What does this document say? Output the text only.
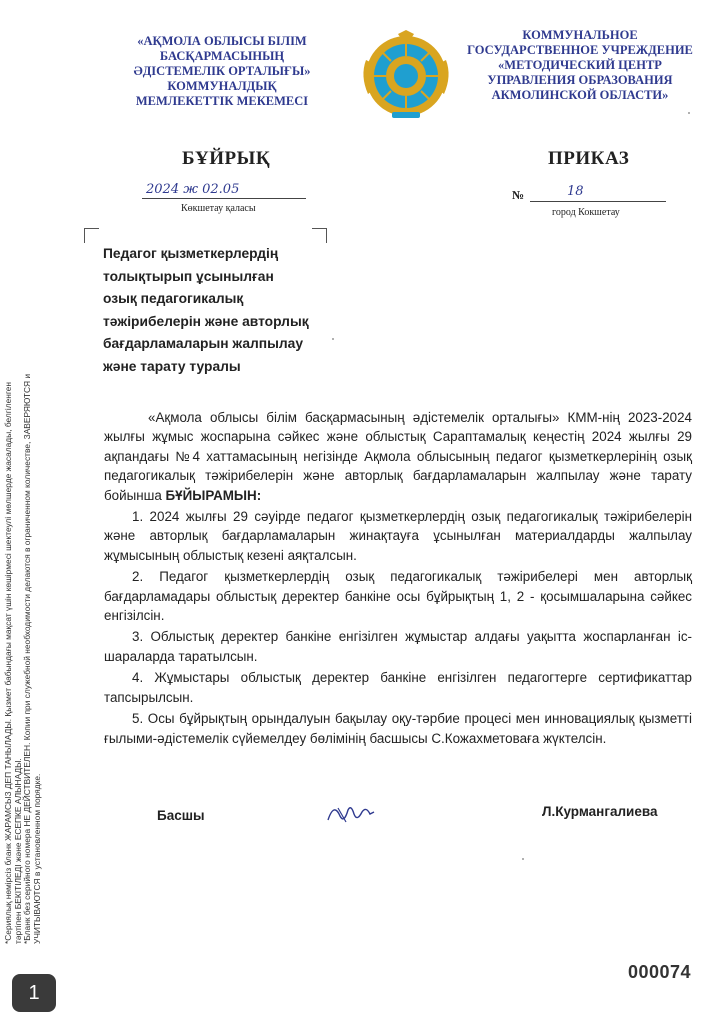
«АҚМОЛА ОБЛЫСЫ БІЛІМ
БАСҚАРМАСЫНЫҢ
ӘДІСТЕМЕЛІК ОРТАЛЫҒЫ»
КОММУНАЛДЫҚ
МЕМЛЕКЕТТІК МЕКЕМЕСІ
КОММУНАЛЬНОЕ
ГОСУДАРСТВЕННОЕ УЧРЕЖДЕНИЕ
«МЕТОДИЧЕСКИЙ ЦЕНТР
УПРАВЛЕНИЯ ОБРАЗОВАНИЯ
АКМОЛИНСКОЙ ОБЛАСТИ»
БҰЙРЫҚ	ПРИКАЗ
2024 ж 02.05
Көкшетау қаласы
№	18
город Кокшетау
Педагог қызметкерлердің
толықтырып ұсынылған
озық педагогикалық
тәжірибелерін және авторлық
бағдарламаларын жалпылау
және тарату туралы

«Ақмола облысы білім басқармасының әдістемелік орталығы» КММ-нің 2023-2024 жылғы жұмыс жоспарына сәйкес және облыстық Сараптамалық кеңестің 2024 жылғы 29 ақпандағы №4 хаттамасының негізінде Ақмола облысының педагог қызметкерлерінің озық педагогикалық тәжірибелерін және авторлық бағдарламаларын жалпылау және тарату бойынша БҰЙЫРАМЫН:

1. 2024 жылғы 29 сәуірде педагог қызметкерлердің озық педагогикалық тәжірибелерін және авторлық бағдарламаларын жинақтауға ұсынылған материалдарды жалпылау жұмысының облыстық кезені аяқталсын.

2. Педагог қызметкерлердің озық педагогикалық тәжірибелері мен авторлық бағдарламадары облыстық деректер банкіне осы бұйрықтың 1, 2 - қосымшаларына сәйкес енгізілсін.

3. Облыстық деректер банкіне енгізілген жұмыстар алдағы уақытта жоспарланған іс-шараларда таратылсын.

4. Жұмыстары облыстық деректер банкіне енгізілген педагогтерге сертификаттар тапсырылсын.

5. Осы бұйрықтың орындалуын бақылау оқу-тәрбие процесі мен инновациялық қызметті ғылыми-әдістемелік сүйемелдеу бөлімінің басшысы С.Кожахметоваға жүктелсін.

*Сериялық нөмірсіз бланк ЖАРАМСЫЗ ДЕП ТАНЫЛАДЫ. Қызмет бабындағы мақсат үшін көшірмесі шектеулі мөлшерде жасалады, белгіленген тәртіпен БЕКІТІЛЕДІ және ЕСЕПКЕ АЛЫНАДЫ. *Бланк без серийного номера НЕ ДЕЙСТВИТЕЛЕН. Копии при служебной необходимости делаются в ограниченном количестве, ЗАВЕРЯЮТСЯ и УЧИТЫВАЮТСЯ в установленном порядке.	Басшы	Л.Курмангалиева
000074
1
